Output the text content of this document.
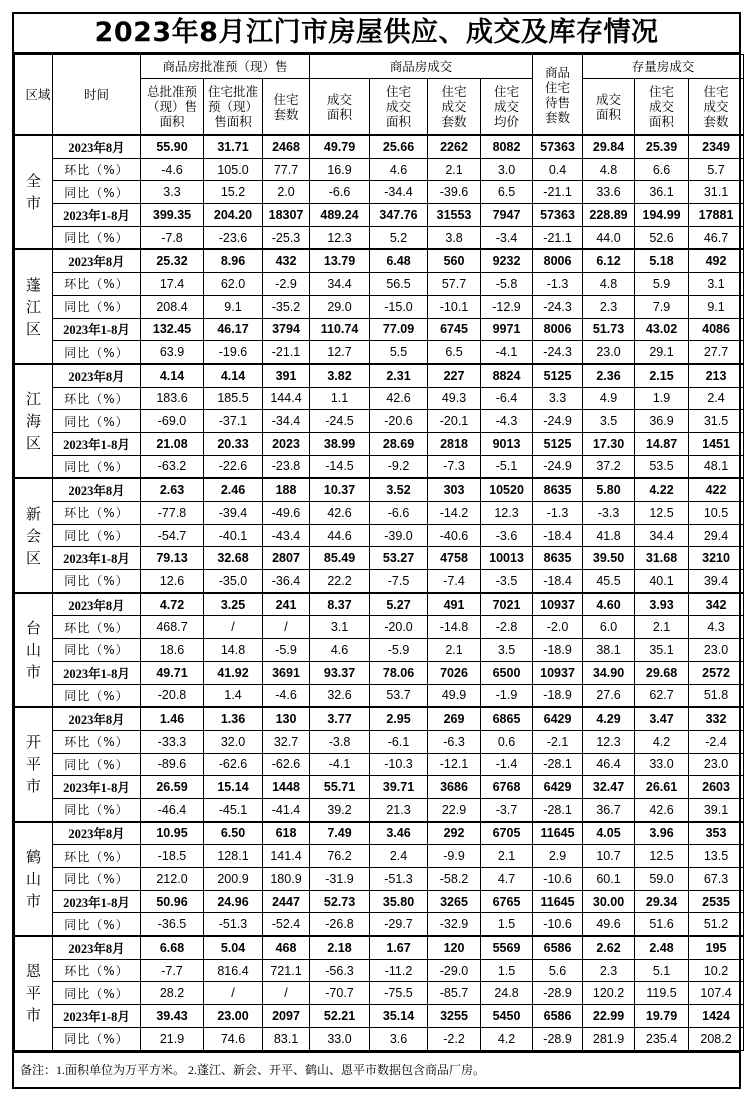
2023年8月江门市房屋供应、成交及库存情况
区域	时间	商品房批准预（现）售			商品房成交				商品住宅待售套数	存量房成交		
		总批准预（现）售面积	住宅批准预（现）售面积	住宅套数	成交面积	住宅成交面积	住宅成交套数	住宅成交均价		成交面积	住宅成交面积	住宅成交套数
全市	2023年8月	55.90	31.71	2468	49.79	25.66	2262	8082	57363	29.84	25.39	2349
	环比（%）	-4.6	105.0	77.7	16.9	4.6	2.1	3.0	0.4	4.8	6.6	5.7
	同比（%）	3.3	15.2	2.0	-6.6	-34.4	-39.6	6.5	-21.1	33.6	36.1	31.1
	2023年1-8月	399.35	204.20	18307	489.24	347.76	31553	7947	57363	228.89	194.99	17881
	同比（%）	-7.8	-23.6	-25.3	12.3	5.2	3.8	-3.4	-21.1	44.0	52.6	46.7
蓬江区	2023年8月	25.32	8.96	432	13.79	6.48	560	9232	8006	6.12	5.18	492
	环比（%）	17.4	62.0	-2.9	34.4	56.5	57.7	-5.8	-1.3	4.8	5.9	3.1
	同比（%）	208.4	9.1	-35.2	29.0	-15.0	-10.1	-12.9	-24.3	2.3	7.9	9.1
	2023年1-8月	132.45	46.17	3794	110.74	77.09	6745	9971	8006	51.73	43.02	4086
	同比（%）	63.9	-19.6	-21.1	12.7	5.5	6.5	-4.1	-24.3	23.0	29.1	27.7
江海区	2023年8月	4.14	4.14	391	3.82	2.31	227	8824	5125	2.36	2.15	213
	环比（%）	183.6	185.5	144.4	1.1	42.6	49.3	-6.4	3.3	4.9	1.9	2.4
	同比（%）	-69.0	-37.1	-34.4	-24.5	-20.6	-20.1	-4.3	-24.9	3.5	36.9	31.5
	2023年1-8月	21.08	20.33	2023	38.99	28.69	2818	9013	5125	17.30	14.87	1451
	同比（%）	-63.2	-22.6	-23.8	-14.5	-9.2	-7.3	-5.1	-24.9	37.2	53.5	48.1
新会区	2023年8月	2.63	2.46	188	10.37	3.52	303	10520	8635	5.80	4.22	422
	环比（%）	-77.8	-39.4	-49.6	42.6	-6.6	-14.2	12.3	-1.3	-3.3	12.5	10.5
	同比（%）	-54.7	-40.1	-43.4	44.6	-39.0	-40.6	-3.6	-18.4	41.8	34.4	29.4
	2023年1-8月	79.13	32.68	2807	85.49	53.27	4758	10013	8635	39.50	31.68	3210
	同比（%）	12.6	-35.0	-36.4	22.2	-7.5	-7.4	-3.5	-18.4	45.5	40.1	39.4
台山市	2023年8月	4.72	3.25	241	8.37	5.27	491	7021	10937	4.60	3.93	342
	环比（%）	468.7	/	/	3.1	-20.0	-14.8	-2.8	-2.0	6.0	2.1	4.3
	同比（%）	18.6	14.8	-5.9	4.6	-5.9	2.1	3.5	-18.9	38.1	35.1	23.0
	2023年1-8月	49.71	41.92	3691	93.37	78.06	7026	6500	10937	34.90	29.68	2572
	同比（%）	-20.8	1.4	-4.6	32.6	53.7	49.9	-1.9	-18.9	27.6	62.7	51.8
开平市	2023年8月	1.46	1.36	130	3.77	2.95	269	6865	6429	4.29	3.47	332
	环比（%）	-33.3	32.0	32.7	-3.8	-6.1	-6.3	0.6	-2.1	12.3	4.2	-2.4
	同比（%）	-89.6	-62.6	-62.6	-4.1	-10.3	-12.1	-1.4	-28.1	46.4	33.0	23.0
	2023年1-8月	26.59	15.14	1448	55.71	39.71	3686	6768	6429	32.47	26.61	2603
	同比（%）	-46.4	-45.1	-41.4	39.2	21.3	22.9	-3.7	-28.1	36.7	42.6	39.1
鹤山市	2023年8月	10.95	6.50	618	7.49	3.46	292	6705	11645	4.05	3.96	353
	环比（%）	-18.5	128.1	141.4	76.2	2.4	-9.9	2.1	2.9	10.7	12.5	13.5
	同比（%）	212.0	200.9	180.9	-31.9	-51.3	-58.2	4.7	-10.6	60.1	59.0	67.3
	2023年1-8月	50.96	24.96	2447	52.73	35.80	3265	6765	11645	30.00	29.34	2535
	同比（%）	-36.5	-51.3	-52.4	-26.8	-29.7	-32.9	1.5	-10.6	49.6	51.6	51.2
恩平市	2023年8月	6.68	5.04	468	2.18	1.67	120	5569	6586	2.62	2.48	195
	环比（%）	-7.7	816.4	721.1	-56.3	-11.2	-29.0	1.5	5.6	2.3	5.1	10.2
	同比（%）	28.2	/	/	-70.7	-75.5	-85.7	24.8	-28.9	120.2	119.5	107.4
	2023年1-8月	39.43	23.00	2097	52.21	35.14	3255	5450	6586	22.99	19.79	1424
	同比（%）	21.9	74.6	83.1	33.0	3.6	-2.2	4.2	-28.9	281.9	235.4	208.2
备注：1.面积单位为万平方米。 2.蓬江、新会、开平、鹤山、恩平市数据包含商品厂房。
